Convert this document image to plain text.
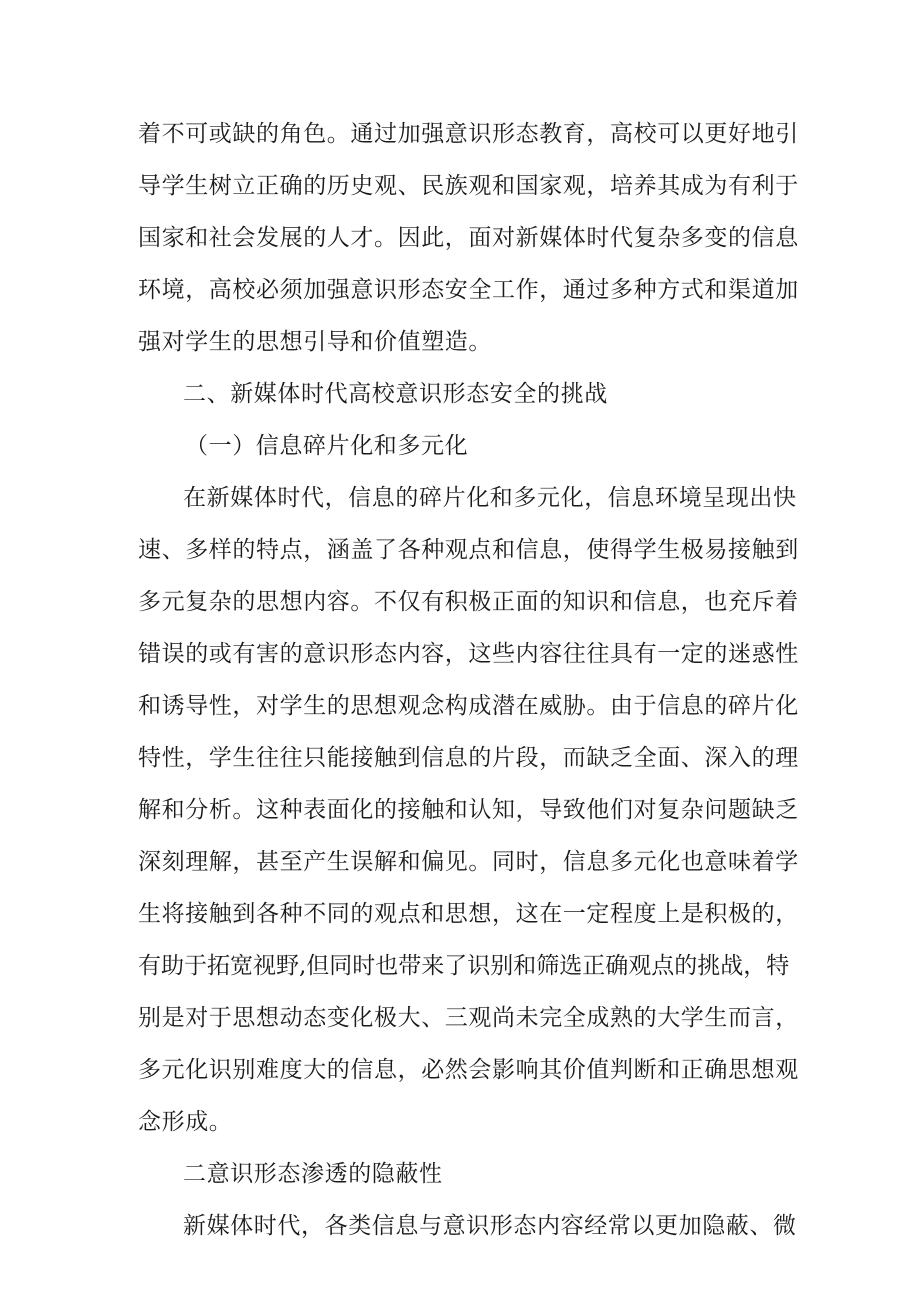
着不可或缺的角色。通过加强意识形态教育，高校可以更好地引
导学生树立正确的历史观、民族观和国家观，培养其成为有利于
国家和社会发展的人才。因此，面对新媒体时代复杂多变的信息
环境，高校必须加强意识形态安全工作，通过多种方式和渠道加
强对学生的思想引导和价值塑造。
二、新媒体时代高校意识形态安全的挑战
（一）信息碎片化和多元化
在新媒体时代，信息的碎片化和多元化，信息环境呈现出快
速、多样的特点，涵盖了各种观点和信息，使得学生极易接触到
多元复杂的思想内容。不仅有积极正面的知识和信息，也充斥着
错误的或有害的意识形态内容，这些内容往往具有一定的迷惑性
和诱导性，对学生的思想观念构成潜在威胁。由于信息的碎片化
特性，学生往往只能接触到信息的片段，而缺乏全面、深入的理
解和分析。这种表面化的接触和认知，导致他们对复杂问题缺乏
深刻理解，甚至产生误解和偏见。同时，信息多元化也意味着学
生将接触到各种不同的观点和思想，这在一定程度上是积极的，
有助于拓宽视野,但同时也带来了识别和筛选正确观点的挑战，特
别是对于思想动态变化极大、三观尚未完全成熟的大学生而言，
多元化识别难度大的信息，必然会影响其价值判断和正确思想观
念形成。
二意识形态渗透的隐蔽性
新媒体时代，各类信息与意识形态内容经常以更加隐蔽、微
